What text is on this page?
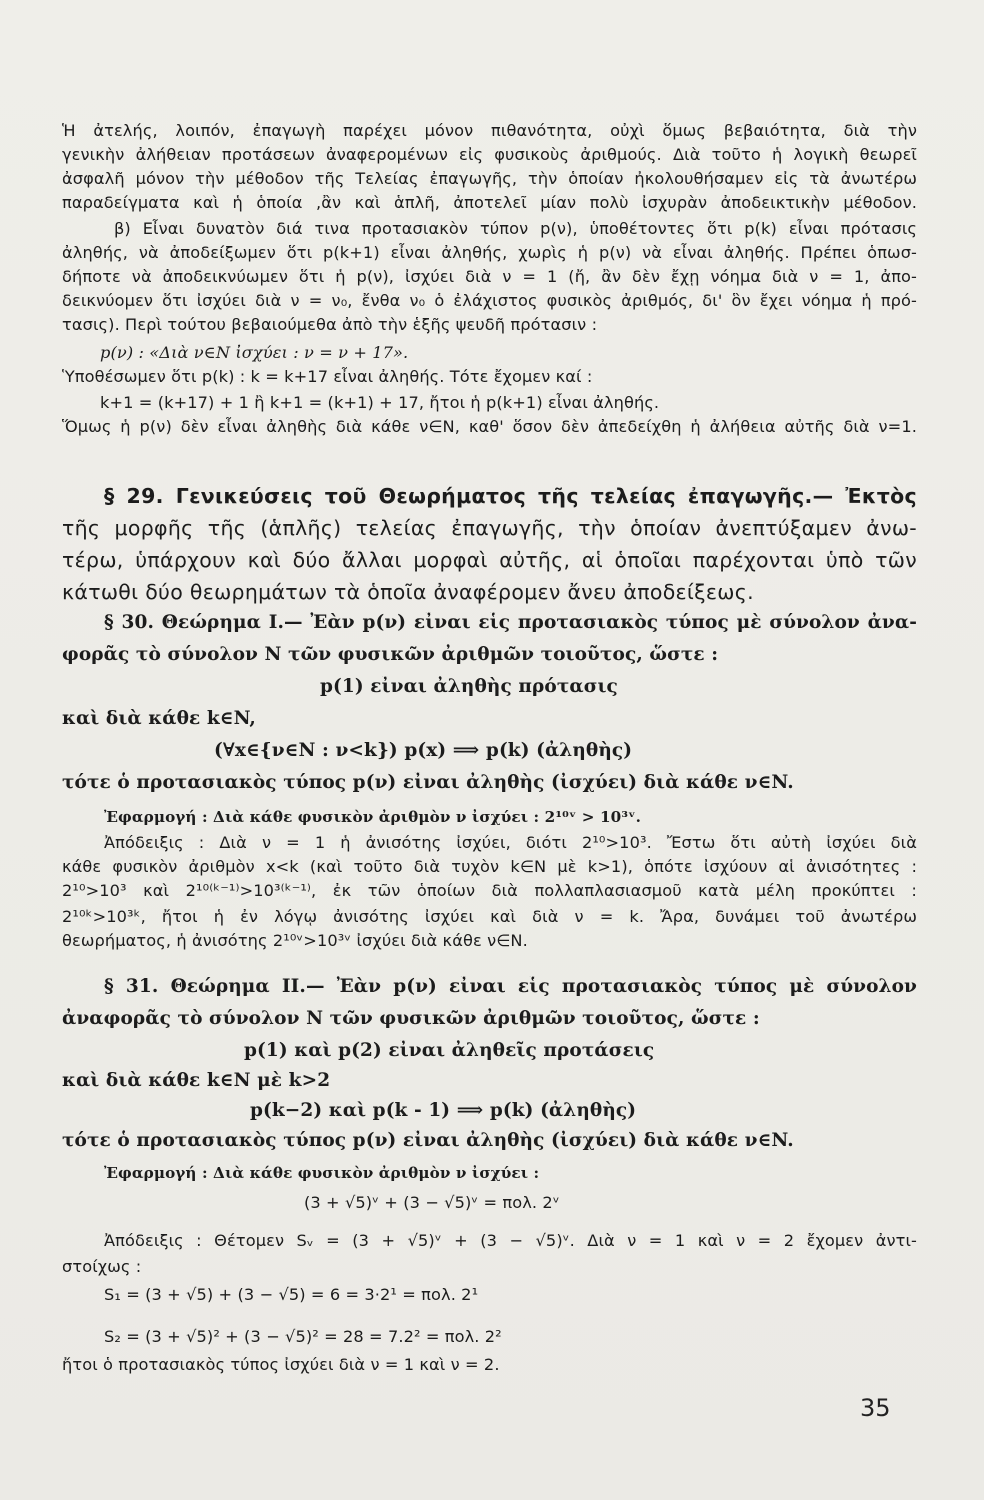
Ἡ ἀτελής, λοιπόν, ἐπαγωγὴ παρέχει μόνον πιθανότητα, οὐχὶ ὅμως βεβαιότητα, διὰ τὴν
γενικὴν ἀλήθειαν προτάσεων ἀναφερομένων εἰς φυσικοὺς ἀριθμούς. Διὰ τοῦτο ἡ λογικὴ θεωρεῖ
ἀσφαλῆ μόνον τὴν μέθοδον τῆς Τελείας ἐπαγωγῆς, τὴν ὁποίαν ἠκολουθήσαμεν εἰς τὰ ἀνωτέρω
παραδείγματα καὶ ἡ ὁποία ,ἂν καὶ ἁπλῆ, ἀποτελεῖ μίαν πολὺ ἰσχυρὰν ἀποδεικτικὴν μέθοδον.
β) Εἶναι δυνατὸν διά τινα προτασιακὸν τύπον p(ν), ὑποθέτοντες ὅτι p(k) εἶναι πρότασις
ἀληθής, νὰ ἀποδείξωμεν ὅτι p(k+1) εἶναι ἀληθής, χωρὶς ἡ p(ν) νὰ εἶναι ἀληθής. Πρέπει ὁπωσ-
δήποτε νὰ ἀποδεικνύωμεν ὅτι ἡ p(ν), ἰσχύει διὰ ν = 1 (ἤ, ἂν δὲν ἔχῃ νόημα διὰ ν = 1, ἀπο-
δεικνύομεν ὅτι ἰσχύει διὰ ν = ν₀, ἔνθα ν₀ ὁ ἐλάχιστος φυσικὸς ἀριθμός, δι' ὃν ἔχει νόημα ἡ πρό-
τασις). Περὶ τούτου βεβαιούμεθα ἀπὸ τὴν ἑξῆς ψευδῆ πρότασιν :
p(ν) : «Διὰ ν∈N ἰσχύει : ν = ν + 17».
Ὑποθέσωμεν ὅτι p(k) : k = k+17 εἶναι ἀληθής. Τότε ἔχομεν καί :
k+1 = (k+17) + 1 ἢ k+1 = (k+1) + 17, ἤτοι ἡ p(k+1) εἶναι ἀληθής.
Ὅμως ἡ p(ν) δὲν εἶναι ἀληθὴς διὰ κάθε ν∈N, καθ' ὅσον δὲν ἀπεδείχθη ἡ ἀλήθεια αὐτῆς διὰ ν=1.
§ 29. Γενικεύσεις τοῦ Θεωρήματος τῆς τελείας ἐπαγωγῆς.— Ἐκτὸς
τῆς μορφῆς τῆς (ἁπλῆς) τελείας ἐπαγωγῆς, τὴν ὁποίαν ἀνεπτύξαμεν ἀνω-
τέρω, ὑπάρχουν καὶ δύο ἄλλαι μορφαὶ αὐτῆς, αἱ ὁποῖαι παρέχονται ὑπὸ τῶν
κάτωθι δύο θεωρημάτων τὰ ὁποῖα ἀναφέρομεν ἄνευ ἀποδείξεως.
§ 30. Θεώρημα Ι.— Ἐὰν p(ν) εἶναι εἷς προτασιακὸς τύπος μὲ σύνολον ἀνα-
φορᾶς τὸ σύνολον N τῶν φυσικῶν ἀριθμῶν τοιοῦτος, ὥστε :
p(1) εἶναι ἀληθὴς πρότασις
καὶ διὰ κάθε k∈N,
(∀x∈{ν∈N : ν<k}) p(x) ⟹ p(k) (ἀληθὴς)
τότε ὁ προτασιακὸς τύπος p(ν) εἶναι ἀληθὴς (ἰσχύει) διὰ κάθε ν∈N.
Ἐφαρμογή : Διὰ κάθε φυσικὸν ἀριθμὸν ν ἰσχύει : 2¹⁰ᵛ > 10³ᵛ.
Ἀπόδειξις : Διὰ ν = 1 ἡ ἀνισότης ἰσχύει, διότι 2¹⁰>10³. Ἔστω ὅτι αὐτὴ ἰσχύει διὰ
κάθε φυσικὸν ἀριθμὸν x<k (καὶ τοῦτο διὰ τυχὸν k∈N μὲ k>1), ὁπότε ἰσχύουν αἱ ἀνισότητες :
2¹⁰>10³ καὶ 2¹⁰⁽ᵏ⁻¹⁾>10³⁽ᵏ⁻¹⁾, ἐκ τῶν ὁποίων διὰ πολλαπλασιασμοῦ κατὰ μέλη προκύπτει :
2¹⁰ᵏ>10³ᵏ, ἤτοι ἡ ἐν λόγῳ ἀνισότης ἰσχύει καὶ διὰ ν = k. Ἄρα, δυνάμει τοῦ ἀνωτέρω
θεωρήματος, ἡ ἀνισότης 2¹⁰ᵛ>10³ᵛ ἰσχύει διὰ κάθε ν∈N.
§ 31. Θεώρημα ΙΙ.— Ἐὰν p(ν) εἶναι εἷς προτασιακὸς τύπος μὲ σύνολον
ἀναφορᾶς τὸ σύνολον N τῶν φυσικῶν ἀριθμῶν τοιοῦτος, ὥστε :
p(1) καὶ p(2) εἶναι ἀληθεῖς προτάσεις
καὶ διὰ κάθε k∈N μὲ k>2
p(k−2) καὶ p(k - 1) ⟹ p(k) (ἀληθὴς)
τότε ὁ προτασιακὸς τύπος p(ν) εἶναι ἀληθὴς (ἰσχύει) διὰ κάθε ν∈N.
Ἐφαρμογή : Διὰ κάθε φυσικὸν ἀριθμὸν ν ἰσχύει :
(3 + √5)ᵛ + (3 − √5)ᵛ = πολ. 2ᵛ
Ἀπόδειξις : Θέτομεν Sᵥ = (3 + √5)ᵛ + (3 − √5)ᵛ. Διὰ ν = 1 καὶ ν = 2 ἔχομεν ἀντι-
στοίχως :
S₁ = (3 + √5) + (3 − √5) = 6 = 3·2¹ = πολ. 2¹
S₂ = (3 + √5)² + (3 − √5)² = 28 = 7.2² = πολ. 2²
ἤτοι ὁ προτασιακὸς τύπος ἰσχύει διὰ ν = 1 καὶ ν = 2.
35
